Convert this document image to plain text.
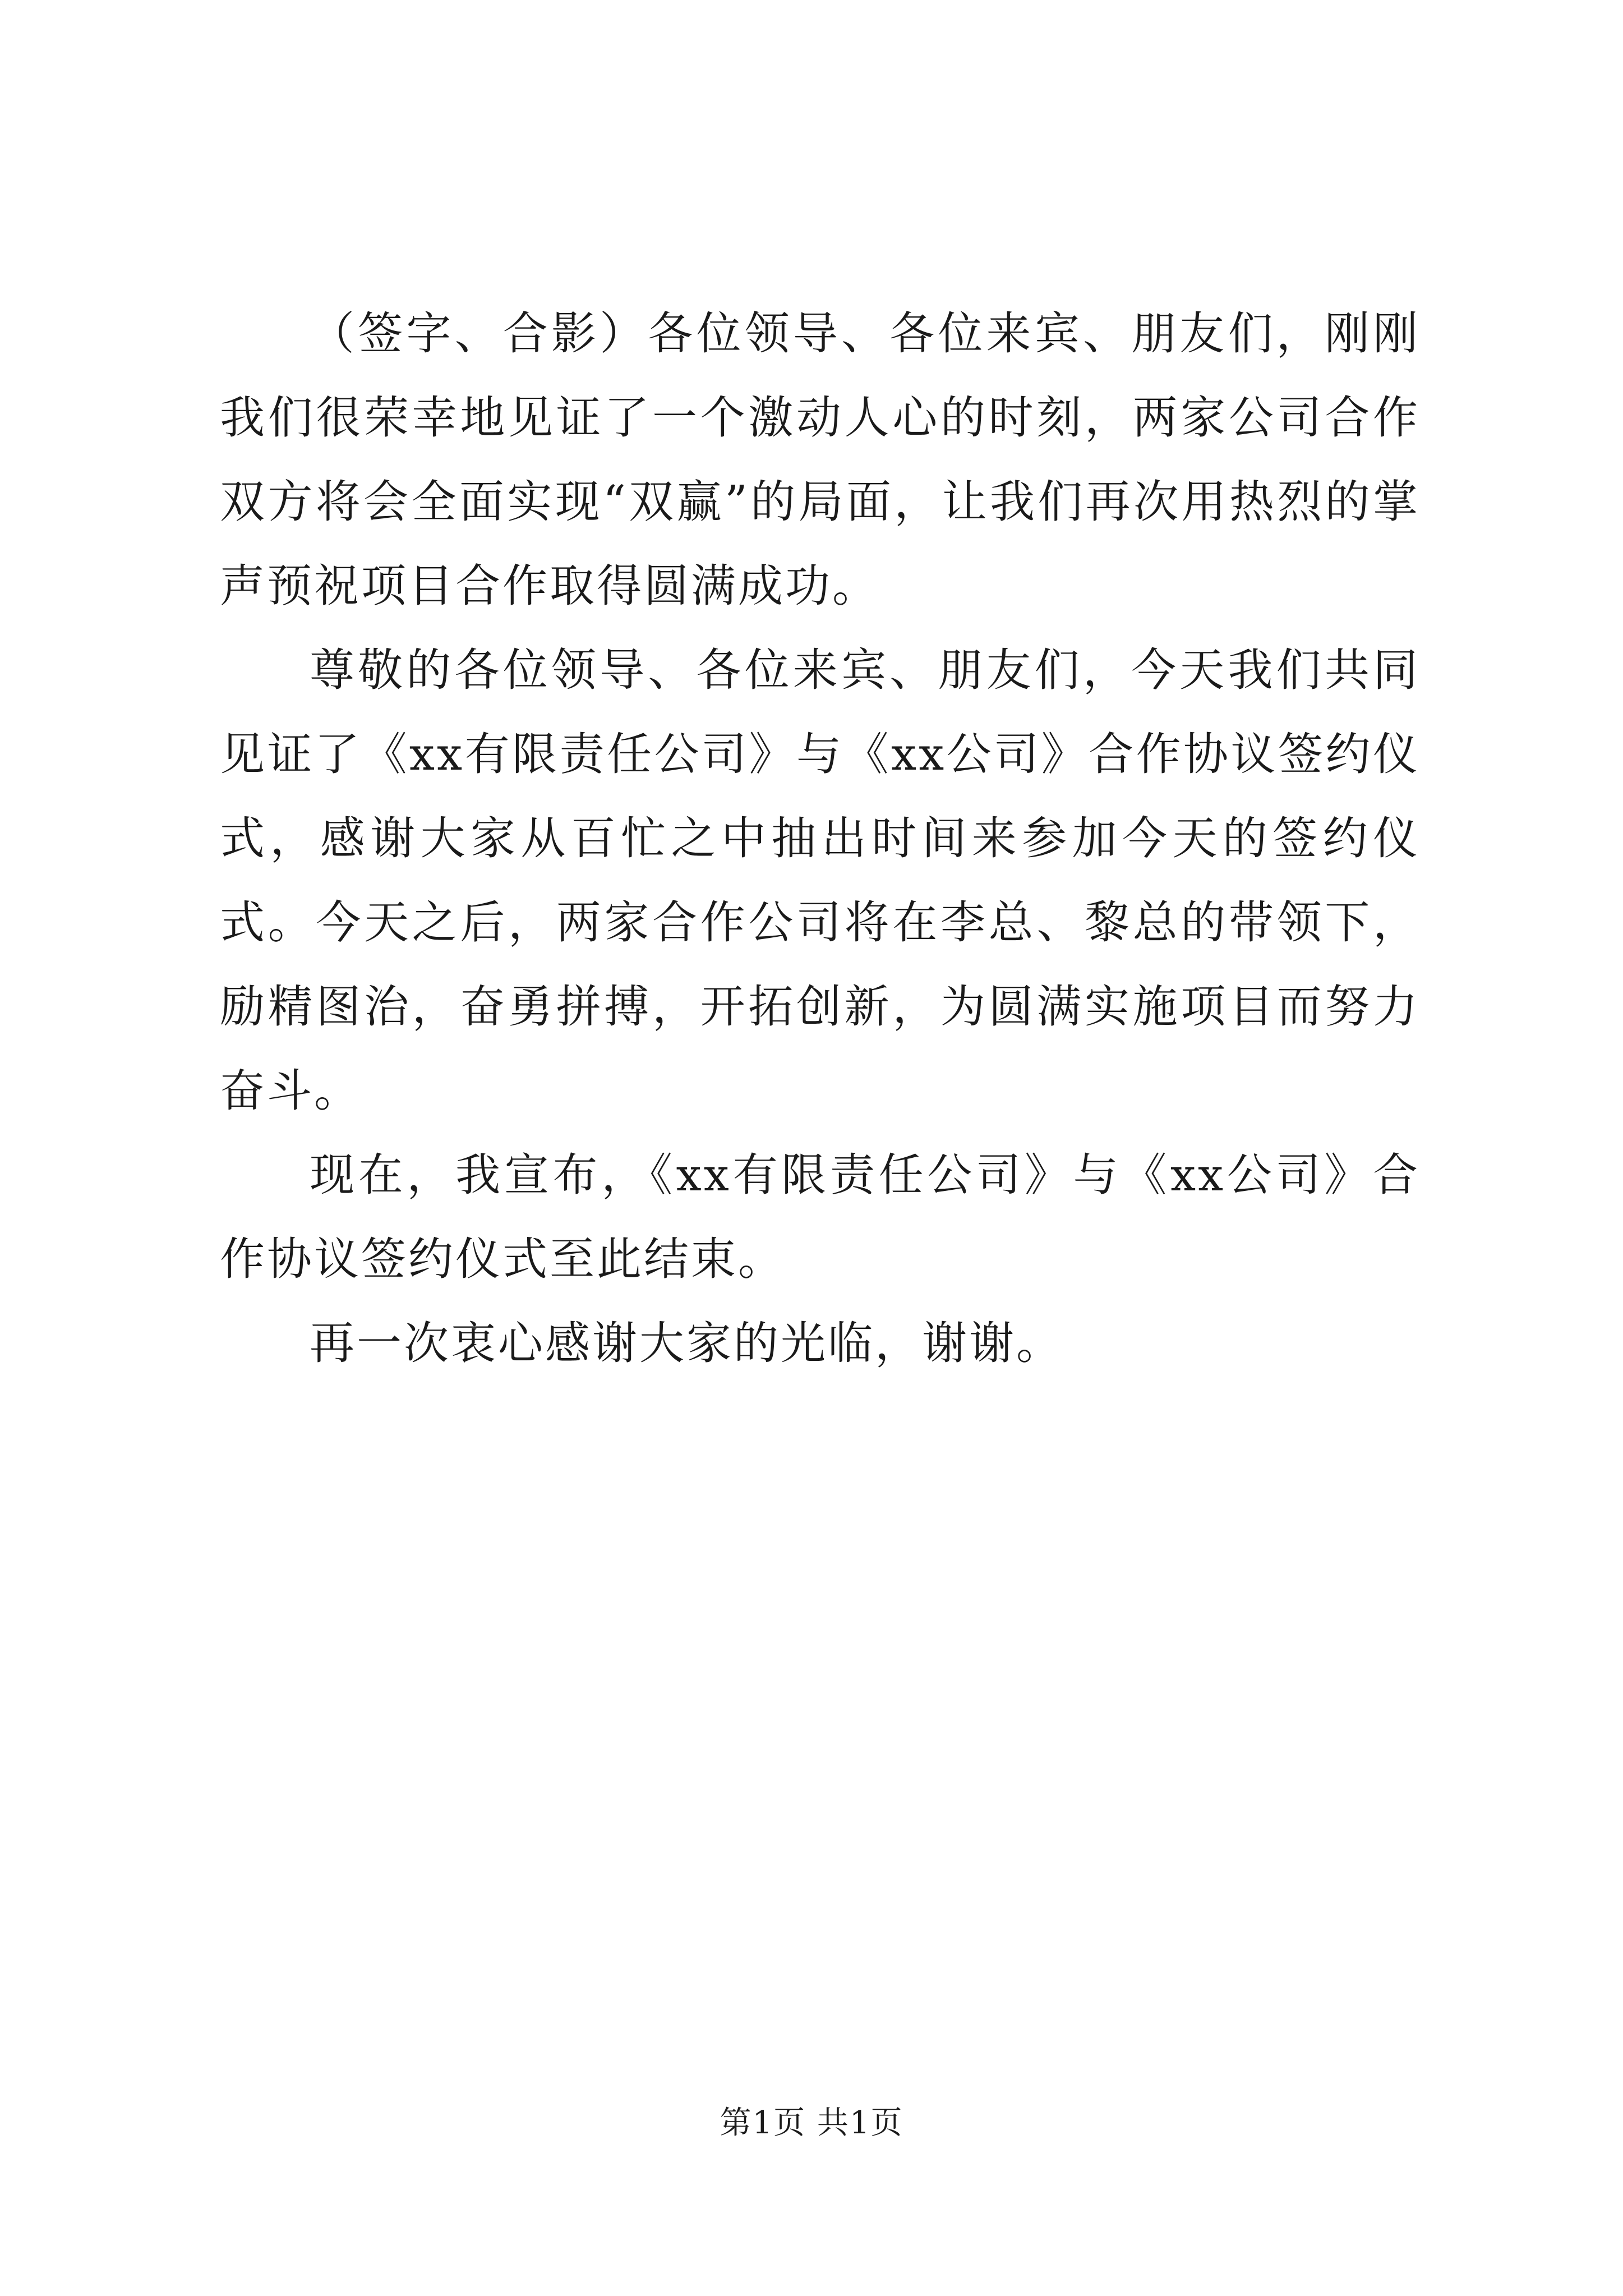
（签字、合影）各位领导、各位来宾、朋友们，刚刚我们很荣幸地见证了一个激动人心的时刻，两家公司合作双方将会全面实现“双赢”的局面，让我们再次用热烈的掌声预祝项目合作取得圆满成功。

尊敬的各位领导、各位来宾、朋友们，今天我们共同见证了《xx有限责任公司》与《xx公司》合作协议签约仪式，感谢大家从百忙之中抽出时间来参加今天的签约仪式。今天之后，两家合作公司将在李总、黎总的带领下，励精图治，奋勇拼搏，开拓创新，为圆满实施项目而努力奋斗。

现在，我宣布，《xx有限责任公司》与《xx公司》合作协议签约仪式至此结束。

再一次衷心感谢大家的光临，谢谢。

第1页 共1页
